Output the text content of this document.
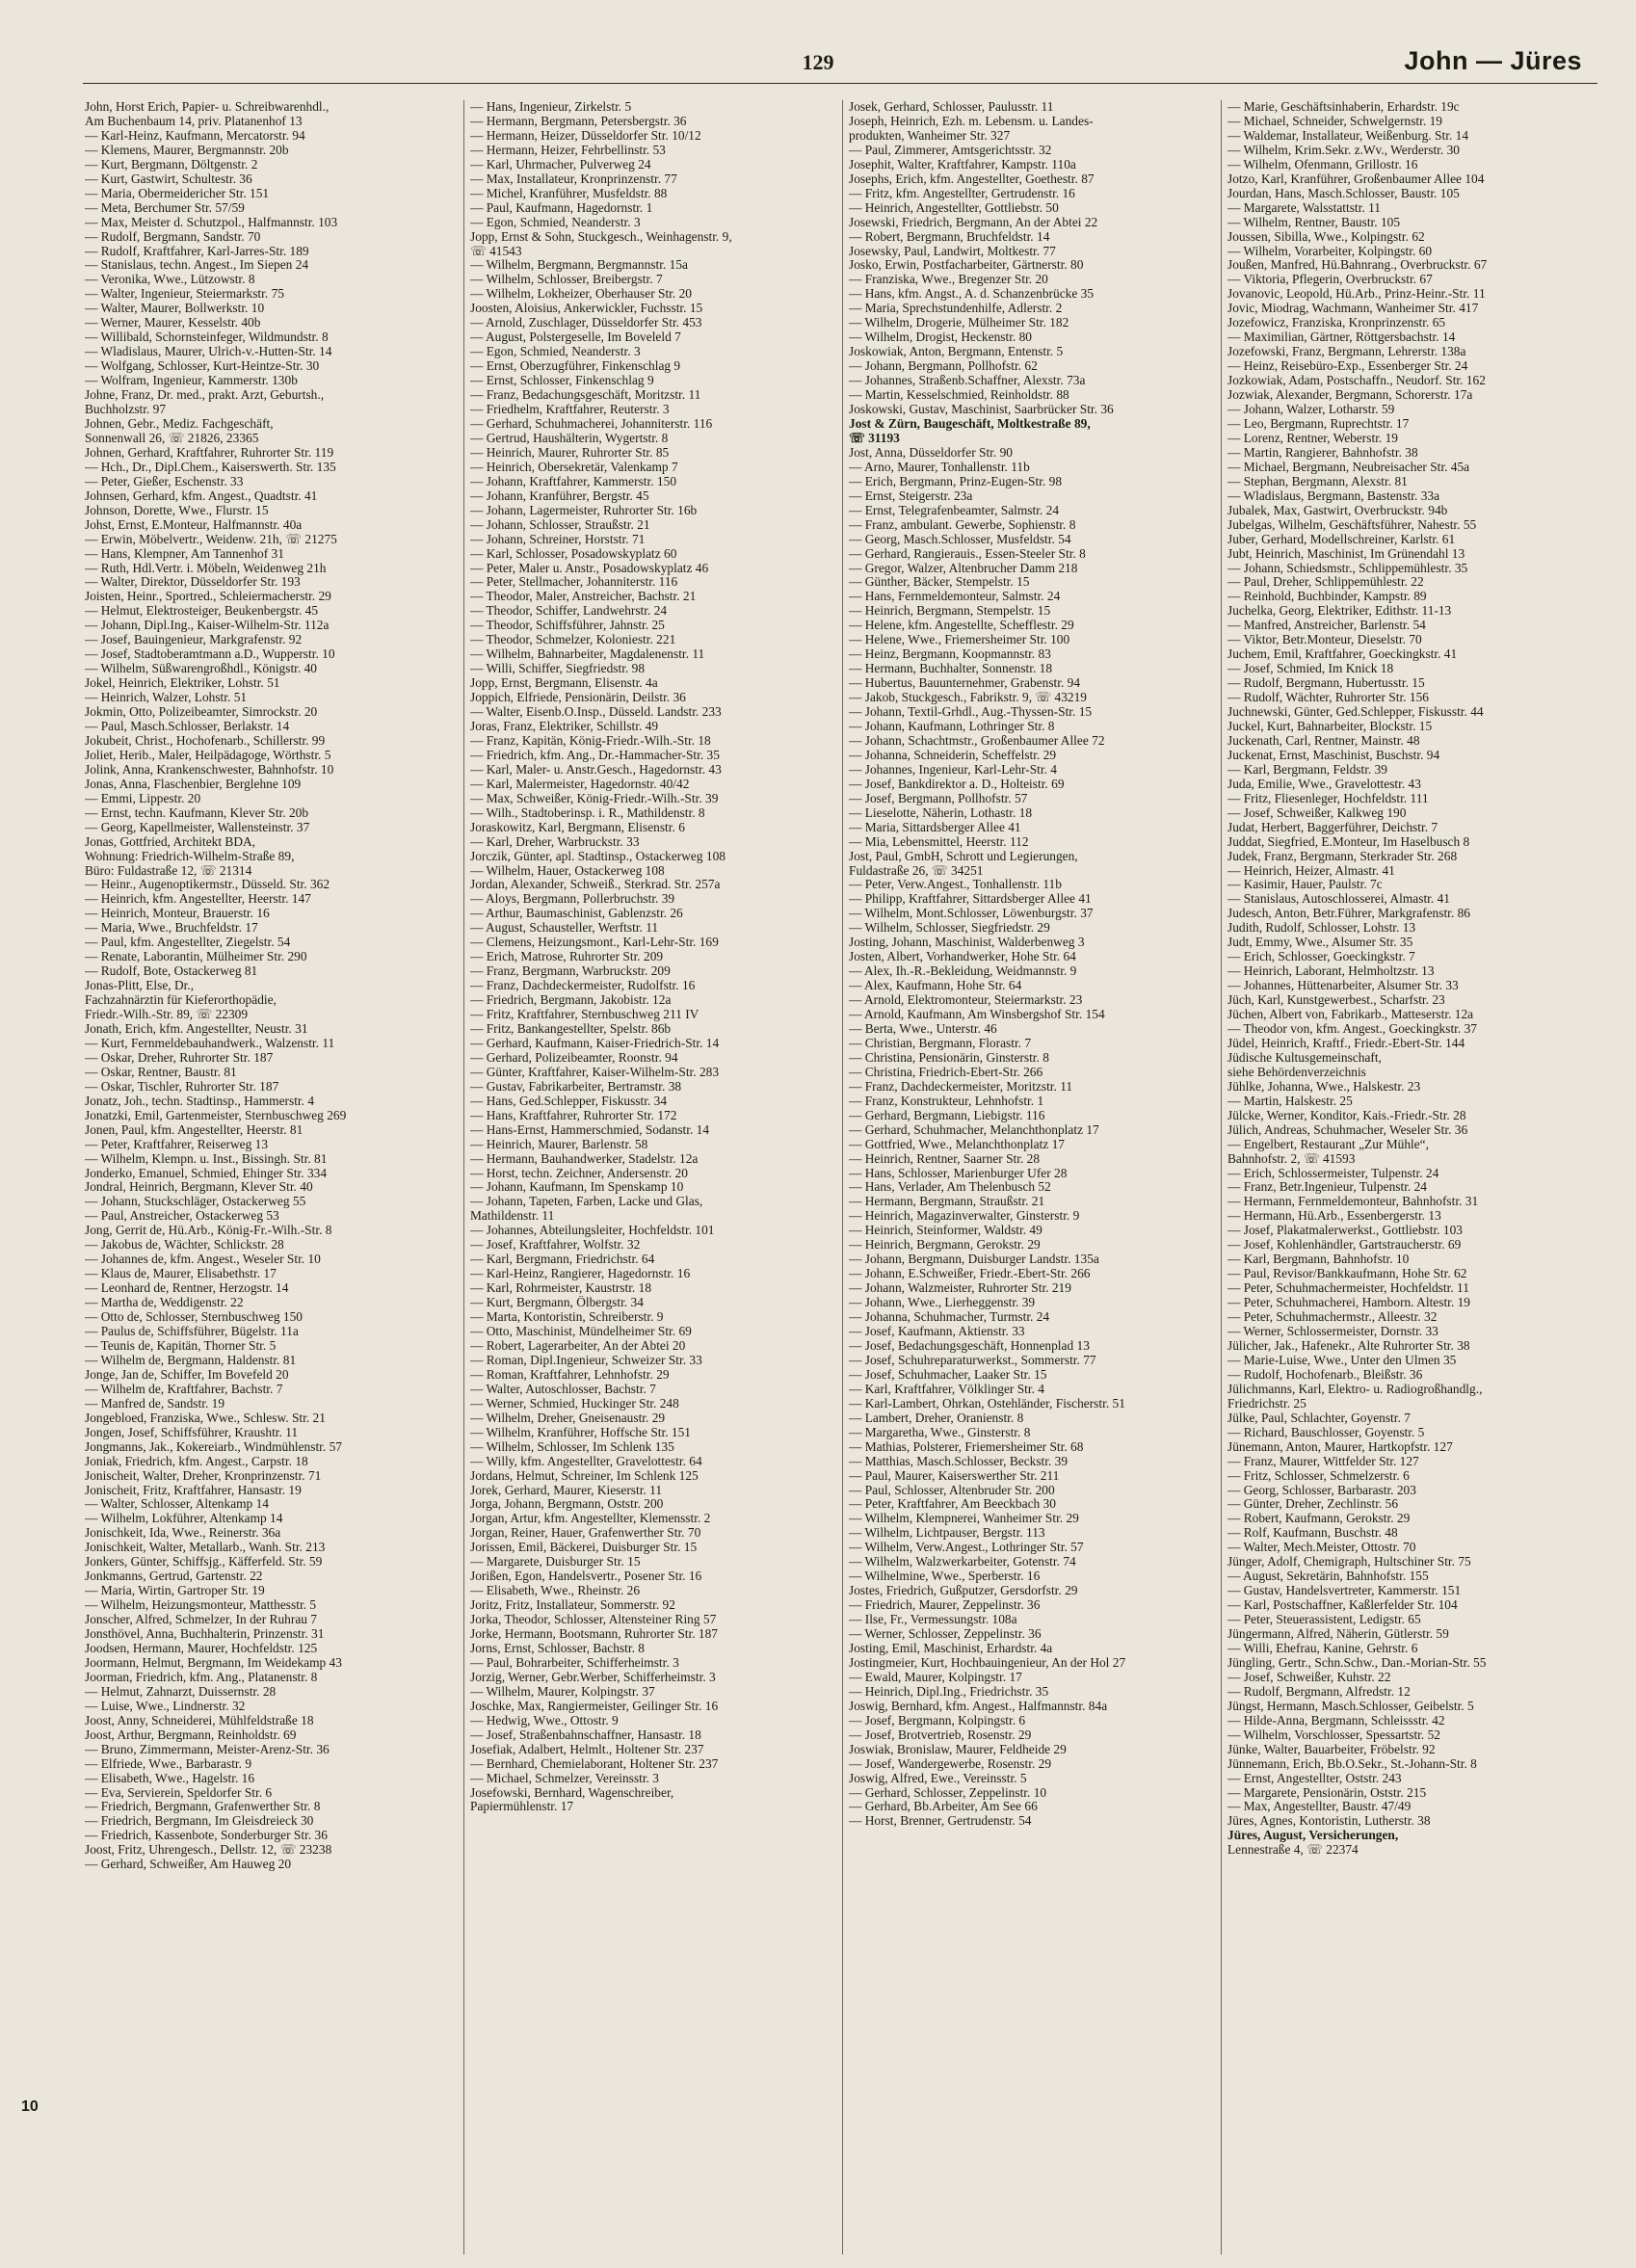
129	John — Jüres
10
John, Horst Erich, Papier- u. Schreibwarenhdl.,
Am Buchenbaum 14, priv. Platanenhof 13
— Karl-Heinz, Kaufmann, Mercatorstr. 94
— Klemens, Maurer, Bergmannstr. 20b
— Kurt, Bergmann, Döltgenstr. 2
— Kurt, Gastwirt, Schultestr. 36
— Maria, Obermeidericher Str. 151
— Meta, Berchumer Str. 57/59
— Max, Meister d. Schutzpol., Halfmannstr. 103
— Rudolf, Bergmann, Sandstr. 70
— Rudolf, Kraftfahrer, Karl-Jarres-Str. 189
— Stanislaus, techn. Angest., Im Siepen 24
— Veronika, Wwe., Lützowstr. 8
— Walter, Ingenieur, Steiermarkstr. 75
— Walter, Maurer, Bollwerkstr. 10
— Werner, Maurer, Kesselstr. 40b
— Willibald, Schornsteinfeger, Wildmundstr. 8
— Wladislaus, Maurer, Ulrich-v.-Hutten-Str. 14
— Wolfgang, Schlosser, Kurt-Heintze-Str. 30
— Wolfram, Ingenieur, Kammerstr. 130b
Johne, Franz, Dr. med., prakt. Arzt, Geburtsh.,
Buchholzstr. 97
Johnen, Gebr., Mediz. Fachgeschäft,
Sonnenwall 26, ☏ 21826, 23365
Johnen, Gerhard, Kraftfahrer, Ruhrorter Str. 119
— Hch., Dr., Dipl.Chem., Kaiserswerth. Str. 135
— Peter, Gießer, Eschenstr. 33
Johnsen, Gerhard, kfm. Angest., Quadtstr. 41
Johnson, Dorette, Wwe., Flurstr. 15
Johst, Ernst, E.Monteur, Halfmannstr. 40a
— Erwin, Möbelvertr., Weidenw. 21h, ☏ 21275
— Hans, Klempner, Am Tannenhof 31
— Ruth, Hdl.Vertr. i. Möbeln, Weidenweg 21h
— Walter, Direktor, Düsseldorfer Str. 193
Joisten, Heinr., Sportred., Schleiermacherstr. 29
— Helmut, Elektrosteiger, Beukenbergstr. 45
— Johann, Dipl.Ing., Kaiser-Wilhelm-Str. 112a
— Josef, Bauingenieur, Markgrafenstr. 92
— Josef, Stadtoberamtmann a.D., Wupperstr. 10
— Wilhelm, Süßwarengroßhdl., Königstr. 40
Jokel, Heinrich, Elektriker, Lohstr. 51
— Heinrich, Walzer, Lohstr. 51
Jokmin, Otto, Polizeibeamter, Simrockstr. 20
— Paul, Masch.Schlosser, Berlakstr. 14
Jokubeit, Christ., Hochofenarb., Schillerstr. 99
Joliet, Herib., Maler, Heilpädagoge, Wörthstr. 5
Jolink, Anna, Krankenschwester, Bahnhofstr. 10
Jonas, Anna, Flaschenbier, Berglehne 109
— Emmi, Lippestr. 20
— Ernst, techn. Kaufmann, Klever Str. 20b
— Georg, Kapellmeister, Wallensteinstr. 37
Jonas, Gottfried, Architekt BDA,
Wohnung: Friedrich-Wilhelm-Straße 89,
Büro: Fuldastraße 12, ☏ 21314
— Heinr., Augenoptikermstr., Düsseld. Str. 362
— Heinrich, kfm. Angestellter, Heerstr. 147
— Heinrich, Monteur, Brauerstr. 16
— Maria, Wwe., Bruchfeldstr. 17
— Paul, kfm. Angestellter, Ziegelstr. 54
— Renate, Laborantin, Mülheimer Str. 290
— Rudolf, Bote, Ostackerweg 81
Jonas-Plitt, Else, Dr.,
Fachzahnärztin für Kieferorthopädie,
Friedr.-Wilh.-Str. 89, ☏ 22309
Jonath, Erich, kfm. Angestellter, Neustr. 31
— Kurt, Fernmeldebauhandwerk., Walzenstr. 11
— Oskar, Dreher, Ruhrorter Str. 187
— Oskar, Rentner, Baustr. 81
— Oskar, Tischler, Ruhrorter Str. 187
Jonatz, Joh., techn. Stadtinsp., Hammerstr. 4
Jonatzki, Emil, Gartenmeister, Sternbuschweg 269
Jonen, Paul, kfm. Angestellter, Heerstr. 81
— Peter, Kraftfahrer, Reiserweg 13
— Wilhelm, Klempn. u. Inst., Bissingh. Str. 81
Jonderko, Emanuel, Schmied, Ehinger Str. 334
Jondral, Heinrich, Bergmann, Klever Str. 40
— Johann, Stuckschläger, Ostackerweg 55
— Paul, Anstreicher, Ostackerweg 53
Jong, Gerrit de, Hü.Arb., König-Fr.-Wilh.-Str. 8
— Jakobus de, Wächter, Schlickstr. 28
— Johannes de, kfm. Angest., Weseler Str. 10
— Klaus de, Maurer, Elisabethstr. 17
— Leonhard de, Rentner, Herzogstr. 14
— Martha de, Weddigenstr. 22
— Otto de, Schlosser, Sternbuschweg 150
— Paulus de, Schiffsführer, Bügelstr. 11a
— Teunis de, Kapitän, Thorner Str. 5
— Wilhelm de, Bergmann, Haldenstr. 81
Jonge, Jan de, Schiffer, Im Bovefeld 20
— Wilhelm de, Kraftfahrer, Bachstr. 7
— Manfred de, Sandstr. 19
Jongebloed, Franziska, Wwe., Schlesw. Str. 21
Jongen, Josef, Schiffsführer, Kraushtr. 11
Jongmanns, Jak., Kokereiarb., Windmühlenstr. 57
Joniak, Friedrich, kfm. Angest., Carpstr. 18
Jonischeit, Walter, Dreher, Kronprinzenstr. 71
Jonischeit, Fritz, Kraftfahrer, Hansastr. 19
— Walter, Schlosser, Altenkamp 14
— Wilhelm, Lokführer, Altenkamp 14
Jonischkeit, Ida, Wwe., Reinerstr. 36a
Jonischkeit, Walter, Metallarb., Wanh. Str. 213
Jonkers, Günter, Schiffsjg., Käfferfeld. Str. 59
Jonkmanns, Gertrud, Gartenstr. 22
— Maria, Wirtin, Gartroper Str. 19
— Wilhelm, Heizungsmonteur, Matthesstr. 5
Jonscher, Alfred, Schmelzer, In der Ruhrau 7
Jonsthövel, Anna, Buchhalterin, Prinzenstr. 31
Joodsen, Hermann, Maurer, Hochfeldstr. 125
Joormann, Helmut, Bergmann, Im Weidekamp 43
Joorman, Friedrich, kfm. Ang., Platanenstr. 8
— Helmut, Zahnarzt, Duissernstr. 28
— Luise, Wwe., Lindnerstr. 32
Joost, Anny, Schneiderei, Mühlfeldstraße 18
Joost, Arthur, Bergmann, Reinholdstr. 69
— Bruno, Zimmermann, Meister-Arenz-Str. 36
— Elfriede, Wwe., Barbarastr. 9
— Elisabeth, Wwe., Hagelstr. 16
— Eva, Servierein, Speldorfer Str. 6
— Friedrich, Bergmann, Grafenwerther Str. 8
— Friedrich, Bergmann, Im Gleisdreieck 30
— Friedrich, Kassenbote, Sonderburger Str. 36
Joost, Fritz, Uhrengesch., Dellstr. 12, ☏ 23238
— Gerhard, Schweißer, Am Hauweg 20
— Hans, Ingenieur, Zirkelstr. 5
— Hermann, Bergmann, Petersbergstr. 36
— Hermann, Heizer, Düsseldorfer Str. 10/12
— Hermann, Heizer, Fehrbellinstr. 53
— Karl, Uhrmacher, Pulverweg 24
— Max, Installateur, Kronprinzenstr. 77
— Michel, Kranführer, Musfeldstr. 88
— Paul, Kaufmann, Hagedornstr. 1
— Egon, Schmied, Neanderstr. 3
Jopp, Ernst & Sohn, Stuckgesch., Weinhagenstr. 9,
☏ 41543
— Wilhelm, Bergmann, Bergmannstr. 15a
— Wilhelm, Schlosser, Breibergstr. 7
— Wilhelm, Lokheizer, Oberhauser Str. 20
Joosten, Aloisius, Ankerwickler, Fuchsstr. 15
— Arnold, Zuschlager, Düsseldorfer Str. 453
— August, Polstergeselle, Im Boveleld 7
— Egon, Schmied, Neanderstr. 3
— Ernst, Oberzugführer, Finkenschlag 9
— Ernst, Schlosser, Finkenschlag 9
— Franz, Bedachungsgeschäft, Moritzstr. 11
— Friedhelm, Kraftfahrer, Reuterstr. 3
— Gerhard, Schuhmacherei, Johanniterstr. 116
— Gertrud, Haushälterin, Wygertstr. 8
— Heinrich, Maurer, Ruhrorter Str. 85
— Heinrich, Obersekretär, Valenkamp 7
— Johann, Kraftfahrer, Kammerstr. 150
— Johann, Kranführer, Bergstr. 45
— Johann, Lagermeister, Ruhrorter Str. 16b
— Johann, Schlosser, Straußstr. 21
— Johann, Schreiner, Horststr. 71
— Karl, Schlosser, Posadowskyplatz 60
— Peter, Maler u. Anstr., Posadowskyplatz 46
— Peter, Stellmacher, Johanniterstr. 116
— Theodor, Maler, Anstreicher, Bachstr. 21
— Theodor, Schiffer, Landwehrstr. 24
— Theodor, Schiffsführer, Jahnstr. 25
— Theodor, Schmelzer, Koloniestr. 221
— Wilhelm, Bahnarbeiter, Magdalenenstr. 11
— Willi, Schiffer, Siegfriedstr. 98
Jopp, Ernst, Bergmann, Elisenstr. 4a
Joppich, Elfriede, Pensionärin, Deilstr. 36
— Walter, Eisenb.O.Insp., Düsseld. Landstr. 233
Joras, Franz, Elektriker, Schillstr. 49
— Franz, Kapitän, König-Friedr.-Wilh.-Str. 18
— Friedrich, kfm. Ang., Dr.-Hammacher-Str. 35
— Karl, Maler- u. Anstr.Gesch., Hagedornstr. 43
— Karl, Malermeister, Hagedornstr. 40/42
— Max, Schweißer, König-Friedr.-Wilh.-Str. 39
— Wilh., Stadtoberinsp. i. R., Mathildenstr. 8
Joraskowitz, Karl, Bergmann, Elisenstr. 6
— Karl, Dreher, Warbruckstr. 33
Jorczik, Günter, apl. Stadtinsp., Ostackerweg 108
— Wilhelm, Hauer, Ostackerweg 108
Jordan, Alexander, Schweiß., Sterkrad. Str. 257a
— Aloys, Bergmann, Pollerbruchstr. 39
— Arthur, Baumaschinist, Gablenzstr. 26
— August, Schausteller, Werftstr. 11
— Clemens, Heizungsmont., Karl-Lehr-Str. 169
— Erich, Matrose, Ruhrorter Str. 209
— Franz, Bergmann, Warbruckstr. 209
— Franz, Dachdeckermeister, Rudolfstr. 16
— Friedrich, Bergmann, Jakobistr. 12a
— Fritz, Kraftfahrer, Sternbuschweg 211 IV
— Fritz, Bankangestellter, Spelstr. 86b
— Gerhard, Kaufmann, Kaiser-Friedrich-Str. 14
— Gerhard, Polizeibeamter, Roonstr. 94
— Günter, Kraftfahrer, Kaiser-Wilhelm-Str. 283
— Gustav, Fabrikarbeiter, Bertramstr. 38
— Hans, Ged.Schlepper, Fiskusstr. 34
— Hans, Kraftfahrer, Ruhrorter Str. 172
— Hans-Ernst, Hammerschmied, Sodanstr. 14
— Heinrich, Maurer, Barlenstr. 58
— Hermann, Bauhandwerker, Stadelstr. 12a
— Horst, techn. Zeichner, Andersenstr. 20
— Johann, Kaufmann, Im Spenskamp 10
— Johann, Tapeten, Farben, Lacke und Glas,
Mathildenstr. 11
— Johannes, Abteilungsleiter, Hochfeldstr. 101
— Josef, Kraftfahrer, Wolfstr. 32
— Karl, Bergmann, Friedrichstr. 64
— Karl-Heinz, Rangierer, Hagedornstr. 16
— Karl, Rohrmeister, Kaustrstr. 18
— Kurt, Bergmann, Ölbergstr. 34
— Marta, Kontoristin, Schreiberstr. 9
— Otto, Maschinist, Mündelheimer Str. 69
— Robert, Lagerarbeiter, An der Abtei 20
— Roman, Dipl.Ingenieur, Schweizer Str. 33
— Roman, Kraftfahrer, Lehnhofstr. 29
— Walter, Autoschlosser, Bachstr. 7
— Werner, Schmied, Huckinger Str. 248
— Wilhelm, Dreher, Gneisenaustr. 29
— Wilhelm, Kranführer, Hoffsche Str. 151
— Wilhelm, Schlosser, Im Schlenk 135
— Willy, kfm. Angestellter, Gravelottestr. 64
Jordans, Helmut, Schreiner, Im Schlenk 125
Jorek, Gerhard, Maurer, Kieserstr. 11
Jorga, Johann, Bergmann, Oststr. 200
Jorgan, Artur, kfm. Angestellter, Klemensstr. 2
Jorgan, Reiner, Hauer, Grafenwerther Str. 70
Jorissen, Emil, Bäckerei, Duisburger Str. 15
— Margarete, Duisburger Str. 15
Jorißen, Egon, Handelsvertr., Posener Str. 16
— Elisabeth, Wwe., Rheinstr. 26
Joritz, Fritz, Installateur, Sommerstr. 92
Jorka, Theodor, Schlosser, Altensteiner Ring 57
Jorke, Hermann, Bootsmann, Ruhrorter Str. 187
Jorns, Ernst, Schlosser, Bachstr. 8
— Paul, Bohrarbeiter, Schifferheimstr. 3
Jorzig, Werner, Gebr.Werber, Schifferheimstr. 3
— Wilhelm, Maurer, Kolpingstr. 37
Joschke, Max, Rangiermeister, Geilinger Str. 16
— Hedwig, Wwe., Ottostr. 9
— Josef, Straßenbahnschaffner, Hansastr. 18
Josefiak, Adalbert, Helmlt., Holtener Str. 237
— Bernhard, Chemielaborant, Holtener Str. 237
— Michael, Schmelzer, Vereinsstr. 3
Josefowski, Bernhard, Wagenschreiber,
Papiermühlenstr. 17
Josek, Gerhard, Schlosser, Paulusstr. 11
Joseph, Heinrich, Ezh. m. Lebensm. u. Landes-
produkten, Wanheimer Str. 327
— Paul, Zimmerer, Amtsgerichtsstr. 32
Josephit, Walter, Kraftfahrer, Kampstr. 110a
Josephs, Erich, kfm. Angestellter, Goethestr. 87
— Fritz, kfm. Angestellter, Gertrudenstr. 16
— Heinrich, Angestellter, Gottliebstr. 50
Josewski, Friedrich, Bergmann, An der Abtei 22
— Robert, Bergmann, Bruchfeldstr. 14
Josewsky, Paul, Landwirt, Moltkestr. 77
Josko, Erwin, Postfacharbeiter, Gärtnerstr. 80
— Franziska, Wwe., Bregenzer Str. 20
— Hans, kfm. Angst., A. d. Schanzenbrücke 35
— Maria, Sprechstundenhilfe, Adlerstr. 2
— Wilhelm, Drogerie, Mülheimer Str. 182
— Wilhelm, Drogist, Heckenstr. 80
Joskowiak, Anton, Bergmann, Entenstr. 5
— Johann, Bergmann, Pollhofstr. 62
— Johannes, Straßenb.Schaffner, Alexstr. 73a
— Martin, Kesselschmied, Reinholdstr. 88
Joskowski, Gustav, Maschinist, Saarbrücker Str. 36
Jost & Zürn, Baugeschäft, Moltkestraße 89,
☏ 31193
Jost, Anna, Düsseldorfer Str. 90
— Arno, Maurer, Tonhallenstr. 11b
— Erich, Bergmann, Prinz-Eugen-Str. 98
— Ernst, Steigerstr. 23a
— Ernst, Telegrafenbeamter, Salmstr. 24
— Franz, ambulant. Gewerbe, Sophienstr. 8
— Georg, Masch.Schlosser, Musfeldstr. 54
— Gerhard, Rangierauis., Essen-Steeler Str. 8
— Gregor, Walzer, Altenbrucher Damm 218
— Günther, Bäcker, Stempelstr. 15
— Hans, Fernmeldemonteur, Salmstr. 24
— Heinrich, Bergmann, Stempelstr. 15
— Helene, kfm. Angestellte, Schefflestr. 29
— Helene, Wwe., Friemersheimer Str. 100
— Heinz, Bergmann, Koopmannstr. 83
— Hermann, Buchhalter, Sonnenstr. 18
— Hubertus, Bauunternehmer, Grabenstr. 94
— Jakob, Stuckgesch., Fabrikstr. 9, ☏ 43219
— Johann, Textil-Grhdl., Aug.-Thyssen-Str. 15
— Johann, Kaufmann, Lothringer Str. 8
— Johann, Schachtmstr., Großenbaumer Allee 72
— Johanna, Schneiderin, Scheffelstr. 29
— Johannes, Ingenieur, Karl-Lehr-Str. 4
— Josef, Bankdirektor a. D., Holteistr. 69
— Josef, Bergmann, Pollhofstr. 57
— Lieselotte, Näherin, Lothastr. 18
— Maria, Sittardsberger Allee 41
— Mia, Lebensmittel, Heerstr. 112
Jost, Paul, GmbH, Schrott und Legierungen,
Fuldastraße 26, ☏ 34251
— Peter, Verw.Angest., Tonhallenstr. 11b
— Philipp, Kraftfahrer, Sittardsberger Allee 41
— Wilhelm, Mont.Schlosser, Löwenburgstr. 37
— Wilhelm, Schlosser, Siegfriedstr. 29
Josting, Johann, Maschinist, Walderbenweg 3
Josten, Albert, Vorhandwerker, Hohe Str. 64
— Alex, Ih.-R.-Bekleidung, Weidmannstr. 9
— Alex, Kaufmann, Hohe Str. 64
— Arnold, Elektromonteur, Steiermarkstr. 23
— Arnold, Kaufmann, Am Winsbergshof Str. 154
— Berta, Wwe., Unterstr. 46
— Christian, Bergmann, Florastr. 7
— Christina, Pensionärin, Ginsterstr. 8
— Christina, Friedrich-Ebert-Str. 266
— Franz, Dachdeckermeister, Moritzstr. 11
— Franz, Konstrukteur, Lehnhofstr. 1
— Gerhard, Bergmann, Liebigstr. 116
— Gerhard, Schuhmacher, Melanchthonplatz 17
— Gottfried, Wwe., Melanchthonplatz 17
— Heinrich, Rentner, Saarner Str. 28
— Hans, Schlosser, Marienburger Ufer 28
— Hans, Verlader, Am Thelenbusch 52
— Hermann, Bergmann, Straußstr. 21
— Heinrich, Magazinverwalter, Ginsterstr. 9
— Heinrich, Steinformer, Waldstr. 49
— Heinrich, Bergmann, Gerokstr. 29
— Johann, Bergmann, Duisburger Landstr. 135a
— Johann, E.Schweißer, Friedr.-Ebert-Str. 266
— Johann, Walzmeister, Ruhrorter Str. 219
— Johann, Wwe., Lierheggenstr. 39
— Johanna, Schuhmacher, Turmstr. 24
— Josef, Kaufmann, Aktienstr. 33
— Josef, Bedachungsgeschäft, Honnenplad 13
— Josef, Schuhreparaturwerkst., Sommerstr. 77
— Josef, Schuhmacher, Laaker Str. 15
— Karl, Kraftfahrer, Völklinger Str. 4
— Karl-Lambert, Ohrkan, Ostehländer, Fischerstr. 51
— Lambert, Dreher, Oranienstr. 8
— Margaretha, Wwe., Ginsterstr. 8
— Mathias, Polsterer, Friemersheimer Str. 68
— Matthias, Masch.Schlosser, Beckstr. 39
— Paul, Maurer, Kaiserswerther Str. 211
— Paul, Schlosser, Altenbruder Str. 200
— Peter, Kraftfahrer, Am Beeckbach 30
— Wilhelm, Klempnerei, Wanheimer Str. 29
— Wilhelm, Lichtpauser, Bergstr. 113
— Wilhelm, Verw.Angest., Lothringer Str. 57
— Wilhelm, Walzwerkarbeiter, Gotenstr. 74
— Wilhelmine, Wwe., Sperberstr. 16
Jostes, Friedrich, Gußputzer, Gersdorfstr. 29
— Friedrich, Maurer, Zeppelinstr. 36
— Ilse, Fr., Vermessungstr. 108a
— Werner, Schlosser, Zeppelinstr. 36
Josting, Emil, Maschinist, Erhardstr. 4a
Jostingmeier, Kurt, Hochbauingenieur, An der Hol 27
— Ewald, Maurer, Kolpingstr. 17
— Heinrich, Dipl.Ing., Friedrichstr. 35
Joswig, Bernhard, kfm. Angest., Halfmannstr. 84a
— Josef, Bergmann, Kolpingstr. 6
— Josef, Brotvertrieb, Rosenstr. 29
Joswiak, Bronislaw, Maurer, Feldheide 29
— Josef, Wandergewerbe, Rosenstr. 29
Joswig, Alfred, Ewe., Vereinsstr. 5
— Gerhard, Schlosser, Zeppelinstr. 10
— Gerhard, Bb.Arbeiter, Am See 66
— Horst, Brenner, Gertrudenstr. 54
— Marie, Geschäftsinhaberin, Erhardstr. 19c
— Michael, Schneider, Schwelgernstr. 19
— Waldemar, Installateur, Weißenburg. Str. 14
— Wilhelm, Krim.Sekr. z.Wv., Werderstr. 30
— Wilhelm, Ofenmann, Grillostr. 16
Jotzo, Karl, Kranführer, Großenbaumer Allee 104
Jourdan, Hans, Masch.Schlosser, Baustr. 105
— Margarete, Walsstattstr. 11
— Wilhelm, Rentner, Baustr. 105
Joussen, Sibilla, Wwe., Kolpingstr. 62
— Wilhelm, Vorarbeiter, Kolpingstr. 60
Joußen, Manfred, Hü.Bahnrang., Overbruckstr. 67
— Viktoria, Pflegerin, Overbruckstr. 67
Jovanovic, Leopold, Hü.Arb., Prinz-Heinr.-Str. 11
Jovic, Miodrag, Wachmann, Wanheimer Str. 417
Jozefowicz, Franziska, Kronprinzenstr. 65
— Maximilian, Gärtner, Röttgersbachstr. 14
Jozefowski, Franz, Bergmann, Lehrerstr. 138a
— Heinz, Reisebüro-Exp., Essenberger Str. 24
Jozkowiak, Adam, Postschaffn., Neudorf. Str. 162
Jozwiak, Alexander, Bergmann, Schorerstr. 17a
— Johann, Walzer, Lotharstr. 59
— Leo, Bergmann, Ruprechtstr. 17
— Lorenz, Rentner, Weberstr. 19
— Martin, Rangierer, Bahnhofstr. 38
— Michael, Bergmann, Neubreisacher Str. 45a
— Stephan, Bergmann, Alexstr. 81
— Wladislaus, Bergmann, Bastenstr. 33a
Jubalek, Max, Gastwirt, Overbruckstr. 94b
Jubelgas, Wilhelm, Geschäftsführer, Nahestr. 55
Juber, Gerhard, Modellschreiner, Karlstr. 61
Jubt, Heinrich, Maschinist, Im Grünendahl 13
— Johann, Schiedsmstr., Schlippemühlestr. 35
— Paul, Dreher, Schlippemühlestr. 22
— Reinhold, Buchbinder, Kampstr. 89
Juchelka, Georg, Elektriker, Edithstr. 11-13
— Manfred, Anstreicher, Barlenstr. 54
— Viktor, Betr.Monteur, Dieselstr. 70
Juchem, Emil, Kraftfahrer, Goeckingkstr. 41
— Josef, Schmied, Im Knick 18
— Rudolf, Bergmann, Hubertusstr. 15
— Rudolf, Wächter, Ruhrorter Str. 156
Juchnewski, Günter, Ged.Schlepper, Fiskusstr. 44
Juckel, Kurt, Bahnarbeiter, Blockstr. 15
Juckenath, Carl, Rentner, Mainstr. 48
Juckenat, Ernst, Maschinist, Buschstr. 94
— Karl, Bergmann, Feldstr. 39
Juda, Emilie, Wwe., Gravelottestr. 43
— Fritz, Fliesenleger, Hochfeldstr. 111
— Josef, Schweißer, Kalkweg 190
Judat, Herbert, Baggerführer, Deichstr. 7
Juddat, Siegfried, E.Monteur, Im Haselbusch 8
Judek, Franz, Bergmann, Sterkrader Str. 268
— Heinrich, Heizer, Almastr. 41
— Kasimir, Hauer, Paulstr. 7c
— Stanislaus, Autoschlosserei, Almastr. 41
Judesch, Anton, Betr.Führer, Markgrafenstr. 86
Judith, Rudolf, Schlosser, Lohstr. 13
Judt, Emmy, Wwe., Alsumer Str. 35
— Erich, Schlosser, Goeckingkstr. 7
— Heinrich, Laborant, Helmholtzstr. 13
— Johannes, Hüttenarbeiter, Alsumer Str. 33
Jüch, Karl, Kunstgewerbest., Scharfstr. 23
Jüchen, Albert von, Fabrikarb., Matteserstr. 12a
— Theodor von, kfm. Angest., Goeckingkstr. 37
Jüdel, Heinrich, Kraftf., Friedr.-Ebert-Str. 144
Jüdische Kultusgemeinschaft,
siehe Behördenverzeichnis
Jühlke, Johanna, Wwe., Halskestr. 23
— Martin, Halskestr. 25
Jülcke, Werner, Konditor, Kais.-Friedr.-Str. 28
Jülich, Andreas, Schuhmacher, Weseler Str. 36
— Engelbert, Restaurant „Zur Mühle“,
Bahnhofstr. 2, ☏ 41593
— Erich, Schlossermeister, Tulpenstr. 24
— Franz, Betr.Ingenieur, Tulpenstr. 24
— Hermann, Fernmeldemonteur, Bahnhofstr. 31
— Hermann, Hü.Arb., Essenbergerstr. 13
— Josef, Plakatmalerwerkst., Gottliebstr. 103
— Josef, Kohlenhändler, Gartstraucherstr. 69
— Karl, Bergmann, Bahnhofstr. 10
— Paul, Revisor/Bankkaufmann, Hohe Str. 62
— Peter, Schuhmachermeister, Hochfeldstr. 11
— Peter, Schuhmacherei, Hamborn. Altestr. 19
— Peter, Schuhmachermstr., Alleestr. 32
— Werner, Schlossermeister, Dornstr. 33
Jülicher, Jak., Hafenekr., Alte Ruhrorter Str. 38
— Marie-Luise, Wwe., Unter den Ulmen 35
— Rudolf, Hochofenarb., Bleißstr. 36
Jülichmanns, Karl, Elektro- u. Radiogroßhandlg.,
Friedrichstr. 25
Jülke, Paul, Schlachter, Goyenstr. 7
— Richard, Bauschlosser, Goyenstr. 5
Jünemann, Anton, Maurer, Hartkopfstr. 127
— Franz, Maurer, Wittfelder Str. 127
— Fritz, Schlosser, Schmelzerstr. 6
— Georg, Schlosser, Barbarastr. 203
— Günter, Dreher, Zechlinstr. 56
— Robert, Kaufmann, Gerokstr. 29
— Rolf, Kaufmann, Buschstr. 48
— Walter, Mech.Meister, Ottostr. 70
Jünger, Adolf, Chemigraph, Hultschiner Str. 75
— August, Sekretärin, Bahnhofstr. 155
— Gustav, Handelsvertreter, Kammerstr. 151
— Karl, Postschaffner, Kaßlerfelder Str. 104
— Peter, Steuerassistent, Ledigstr. 65
Jüngermann, Alfred, Näherin, Gütlerstr. 59
— Willi, Ehefrau, Kanine, Gehrstr. 6
Jüngling, Gertr., Schn.Schw., Dan.-Morian-Str. 55
— Josef, Schweißer, Kuhstr. 22
— Rudolf, Bergmann, Alfredstr. 12
Jüngst, Hermann, Masch.Schlosser, Geibelstr. 5
— Hilde-Anna, Bergmann, Schleissstr. 42
— Wilhelm, Vorschlosser, Spessartstr. 52
Jünke, Walter, Bauarbeiter, Fröbelstr. 92
Jünnemann, Erich, Bb.O.Sekr., St.-Johann-Str. 8
— Ernst, Angestellter, Oststr. 243
— Margarete, Pensionärin, Oststr. 215
— Max, Angestellter, Baustr. 47/49
Jüres, Agnes, Kontoristin, Lutherstr. 38
Jüres, August, Versicherungen,
Lennestraße 4, ☏ 22374
